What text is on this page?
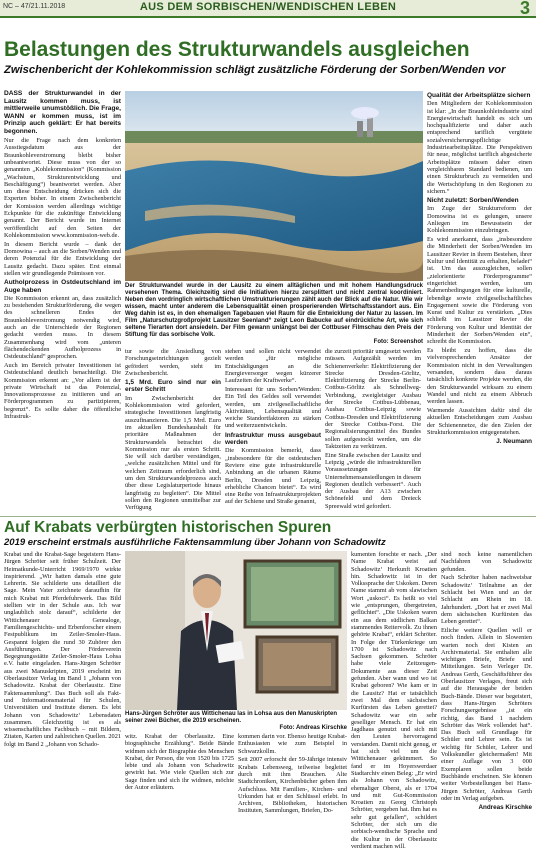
NC – 47/21.11.2018	AUS DEM SORBISCHEN/WENDISCHEN LEBEN	3
Belastungen des Strukturwandels ausgleichen
Zwischenbericht der Kohlekommission schlägt zusätzliche Förderung der Sorben/Wenden vor

DASS der Strukturwandel in der Lausitz kommen muss, ist mittlerweile unumstößlich. Die Frage, WANN er kommen muss, ist im Prinzip auch geklärt: Er hat bereits begonnen.

Nur die Frage nach dem konkreten Ausstiegsdatum aus der Braunkohleverstromung bleibt bisher unbeantwortet. Diese muss von der so genannten „Kohlekommission“ (Kommission „Wachstum, Strukturentwicklung und Beschäftigung“) beantwortet werden. Aber um diese Entscheidung drücken sich die Experten bisher. In einem Zwischenbericht der Komission werden allerdings wichtige Eckpunkte für die zukünftige Entwicklung genannt. Der Bericht wurde im Internet veröffentlicht auf den Seiten der Kohlekommission www.kommission-web.de.

In diesem Bericht wurde – dank der Domowina – auch an die Sorben/Wenden und deren Potenzial für die Entwicklung der Lausitz gedacht. Dazu später. Erst einmal stellen wir grundlegende Prämissen vor.

Autholprozess in Ostdeutschland im Auge haben

Die Kommission erkennt an, dass zusätzlich zu bestehenden Strukturförderung, die wegen des schnelleren Endes der Braunkohleverstromung notwendig wird, auch an die Unterschiede der Regionen gedacht werden muss. In diesem Zusammenhang wird vom „unteren flächendeckenden Aufholprozess in Ostdeutschland“ gesprochen.

Auch im Bereich privater Investitionen ist Ostdeutschland deutlich benachteiligt. Die Kommission erkennt an: „Vor allem ist der private Wirtschaft ist das Potenzial, Innovationsprozesse zu initiieren und an Förderprogrammen zu partizipieren, begrenzt“. Es sollte daher die öffentliche Infrastruk-

Der Strukturwandel wurde in der Lausitz zu einem alltäglichen und mit hohem Handlungsdruck versehenen Thema. Gleichzeitig sind die Initiativen hierzu zersplittert und nicht zentral koordiniert. Neben den vordringlich wirtschaftlichen Umstrukturierungen zählt auch der Blick auf die Natur. Wie wir wissen, macht unter anderem die Lebensqualität einen prosperierenden Wirtschaftsstandort aus. Ein Weg dahin ist es, in den ehemaligen Tagebauen viel Raum für die Entwicklung der Natur zu lassen. Im Film „Naturschutzgroßprojekt Lausitzer Seenland“ zeigt Leon Babucke auf eindrückliche Art, wie sich seltene Tierarten dort ansiedeln. Der Film gewann unlängst bei der Cottbuser Filmschau den Preis der Stiftung für das sorbische Volk.
Foto: Screenshot

tur sowie die Ansiedlung von Forschungseinrichtungen gezielt gefördert werden, steht im Zwischenbericht.

1,5 Mrd. Euro sind nur ein erster Schritt

Im Zwischenbericht der Kohlekommission wird gefordert, strategische Investitionen langfristig auszufinanzieren. Die 1,5 Mrd. Euro im aktuellen Bundeshaushalt für prioritäre Maßnahmen der Strukturwandels betrachtet die Kommission nur als ersten Schritt. Sie will sich darüber verständigen, „welche zusätzlichen Mittel und für welchen Zeitraum erforderlich sind, um den Strukturwandelprozess auch über diese Legislaturperiode hinaus langfristig zu begleiten“. Die Mittel sollen den Regionen unmittelbar zur Verfügung

stehen und sollen nicht verwendet werden „für mögliche Entschädigungen an die Energieversorger wegen kürzerer Laufzeiten der Kraftwerke“.

Interessant für uns Sorben/Wenden: Ein Teil des Geldes soll verwendet werden, um zivilgesellschaftliche Aktivitäten, Lebensqualität und weiche Standortfaktoren zu stärken und weiterzuentwickeln.

Infrastruktur muss ausgebaut werden

Die Kommission bemerkt, dass „insbesondere für die ostdeutschen Reviere eine gute infrastrukturelle Anbindung an die urbanen Räume Berlin, Dresden und Leipzig, erhebliche Chancen bietet“. Es wird eine Reihe von Infrastrukturprojekten auf der Schiene und Straße genannt,

die zurzeit prioritär umgesetzt werden müssen. Aufgezählt werden im Schienenverkehr: Elektrifizierung der Strecke Dresden-Görlitz, Elektrifizierung der Strecke Berlin-Cottbus-Görlitz als Schnellweg-Verbindung, zweigleisiger Ausbau der Strecke Cottbus-Lübbenau, Ausbau Cottbus-Leipzig sowie Cottbus-Dresden und Elektrifizierung der Strecke Cottbus-Forst. Die Regionalisierungsmittel des Bundes sollen aufgestockt werden, um die Taktzeiten zu verkürzen.

Eine Straße zwischen der Lausitz und Leipzig „würde die infrastrukturellen Voraussetzungen für Unternehmensansiedlungen in diesem Regionen deutlich verbessert“. Auch der Ausbau der A13 zwischen Schönefeld und dem Dreieck Spreewald wird gefordert.

Qualität der Arbeitsplätze sichern

Den Mitgliedern der Kohlekommission ist klar: „In der Braunkohleindustrie sind Energiewirtschaft handelt es sich um hochqualifizierte und daher auch entsprechend tariflich vergütete sozialversicherungspflichtige Industriearbeitsplätze. Die Perspektiven für neue, möglichst tariflich abgesicherte Arbeitsplätze müssen daher einen vergleichbaren Standard bedienen, um einen Strukturbruch zu vermeiden und die Wertschöpfung in den Regionen zu sichern.“

Nicht zuletzt: Sorben/Wenden

Im Zuge der Strukturreform der Domowina ist es gelungen, unsere Anliegen im Bewusstsein der Kohlekommission einzubringen.

Es wird anerkannt, dass „insbesondere die Minderheit der Sorben/Wenden im Lausitzer Revier in ihrem Bestehen, ihrer Kultur und Identität zu erhalten, beladet“ ist. Um das auszugleichen, sollen „zielorientierte Förderprogramme“ eingerichtet werden, um Rahmenbedingungen für eine kulturelle, lebendige sowie zivilgesellschaftliches Engagement sowie die Förderung von Kunst und Kultur zu verstärken. „Dies schließt im Lausitzer Revier die Förderung von Kultur und Identität der Minderheit der Sorben/Wenden ein“, schreibt die Kommission.

Es bleibt zu hoffen, dass die vielversprechenden Ansätze der Kommission nicht in den Verwaltungen versanden, sondern dass daraus tatsächlich konkrete Projekte werden, die den Strukturwandel wirksam zu einem Wandel und nicht zu einem Abbruch werden lassen.

Warmende Aussichten dafür sind die aktuellen Entscheidungen zum Ausbau der Schienennetze, die den Zielen der Strukturkommission entgegenstehen.

J. Neumann
Auf Krabats verbürgten historischen Spuren
2019 erscheint erstmals ausführliche Faktensammlung über Johann von Schadowitz

Krabat und die Krabat-Sage begeistern Hans-Jürgen Schröter seit früher Schulzeit. Der Heimatkunde-Unterricht 1969/1970 wirkte inspirierend. „Wir hatten damals eine gute Lehrerin. Sie schilderte uns detailliert die Sage. Mein Vater zeichnete daraufhin für mich Krabat mit Pferdefuhrwerk. Das Bild stellten wir in der Schule aus. Ich war unglaublich stolz darauf“, schilderte der Wittichenauer Genealoge, Familiengeschichts- und Erbenforscher einem Festpublikum im Zeiler-Smoler-Haus. Gespannt folgten die rund 30 Zuhörer den Ausführungen. Der Förderverein Begegnungsstätte Zeiler-Smoler-Haus Lohsa e.V. hatte eingeladen. Hans-Jürgen Schröter aus zwei Manuskripten, 2019 erscheint im Oberlausitzer Verlag im Band 1 „Johann von Schadowitz. Krabat der Oberlausitz. Eine Faktensammlung“. Das Buch soll als Fakt- und Informationsmaterial für Schulen, Universitäten und Institute dienen. Es lebt Johann von Schadowitz‘ Lebensdaten zusammen. Gleichzeitig ist es als wissenschaftliches Fachbuch – mit Bildern, Zitaten, Karten und zahlreichen Quellen. 2021 folgt im Band 2 „Johann von Schado-

Hans-Jürgen Schröter aus Wittichenau las in Lohsa aus den Manuskripten seiner zwei Bücher, die 2019 erscheinen.
Foto: Andreas Kirschke

witz. Krabat der Oberlausitz. Eine biographische Erzählung“. Beide Bände widmen sich der Biographie des Menschen Krabat, der Person, die von 1520 bis 1725 lebte und als Johann von Schadowitz gewirkt hat. Wie viele Quellen sich zur Sage finden und sich ihr widmen, möchte der Autor erläutern.

kommen darin vor. Ebenso heutige Krabat-Enthusiasten wie zum Beispiel in Schwarzkollm.

Seit 2007 erforscht der 59-Jährige intensiv Krabats Lebensweg, teilweise begleitet durch mit ihm Brauchen. Alte Stadtchroniken, Kirchenbücher geben ihm Aufschluss. Mit Familien-, Kirchen- und Urkunden hat er den Schlüssel erlebt. In Archiven, Bibliotheken, historischen Instituten, Sammlungen, Briefen, Do-

kumenten forschte er nach. „Der Name Krabat weist auf Schadowitz‘ Herkunft Kroatien hin. Schadowitz ist in der Volkssprache der Uskoken. Deren Name stammt ab vom slawischen Wort „uskoci“. Es heißt so viel wie „entsprungen, übergetreten, geflüchtet“. „Die Uskoken waren ein aus dem südlichen Balkan stammendes Reitervolk. Zu ihnen gehörte Krabat“, erklärt Schröter. In Folge der Türkenkriege um 1700 ist Schadowitz nach Sachsen gekommen. Schröter habe viele Zeitzeugen-Dokumente aus dieser Zeit gefunden. Aber wann und wo ist Krabat geboren? Wie kam er in die Lausitz? Hat er tatsächlich zwei Mal dem sächsischen Kurfürsten das Leben gerettet? Schadowitz war ein sehr geselliger Mensch. Er hat ein Jagdhaus genutzt und sich mit den Leuten hervorragend verstanden. Damit nicht genug, er hat sich viel um die Wittichenauer gekümmert. So fand er im Hoyerswerdaer Stadtarchiv einen Beleg: „Er wird als Johann von Schadowitz, ehemaliger Oberst, als er 1704 und mit Gut-Kommission Kroatien zu Georg Christoph Schröter, vergeben hat. Ihm hat es sehr gut gefallen“, schildert Schröter, der sich um die sorbisch-wendische Sprache und die Kultur in der Oberlausitz verdient machen will.

sind noch keine namentlichen Nachfahren von Schadowitz gefunden.

Nach Schröter haben nachweisbar Schadowitz‘ Teilnahme an der Schlacht bei Wien und an der Schlacht am Rhein im 18. Jahrhundert. „Dort hat er zwei Mal dem sächsischen Kurfürsten das Leben gerettet“.

Etliche weitere Quellen will er noch finden. Allein in Slowenien warten noch drei Kisten an Archivmaterial. Sie enthalten alle wichtigen Briefe, Briefe und Mitteilungen. Sein Verleger Dr. Andreas Gerth, Geschäftsführer des Oberlausitzer Verlages, freut sich auf die Herausgabe der beiden Buch-Bände. Dieser war begeistert, dass Hans-Jürgen Schröters Forschungsergebnisse „ist ein richtig, das Band 1 nachdem Schröter das Werk vollendet hat“. Das Buch soll Grundlage für Schüler und Lehrer sein. Es ist wichtig für Schüler, Lehrer und Volkskundler gleichermaßen! Mit einer Auflage von 3 000 Exemplaren sollen beide Buchbände erscheinen. Sie können weiter Vorbestellungen bei Hans-Jürgen Schröter, Andreas Gerth oder im Verlag aufgeben.

Andreas Kirschke
